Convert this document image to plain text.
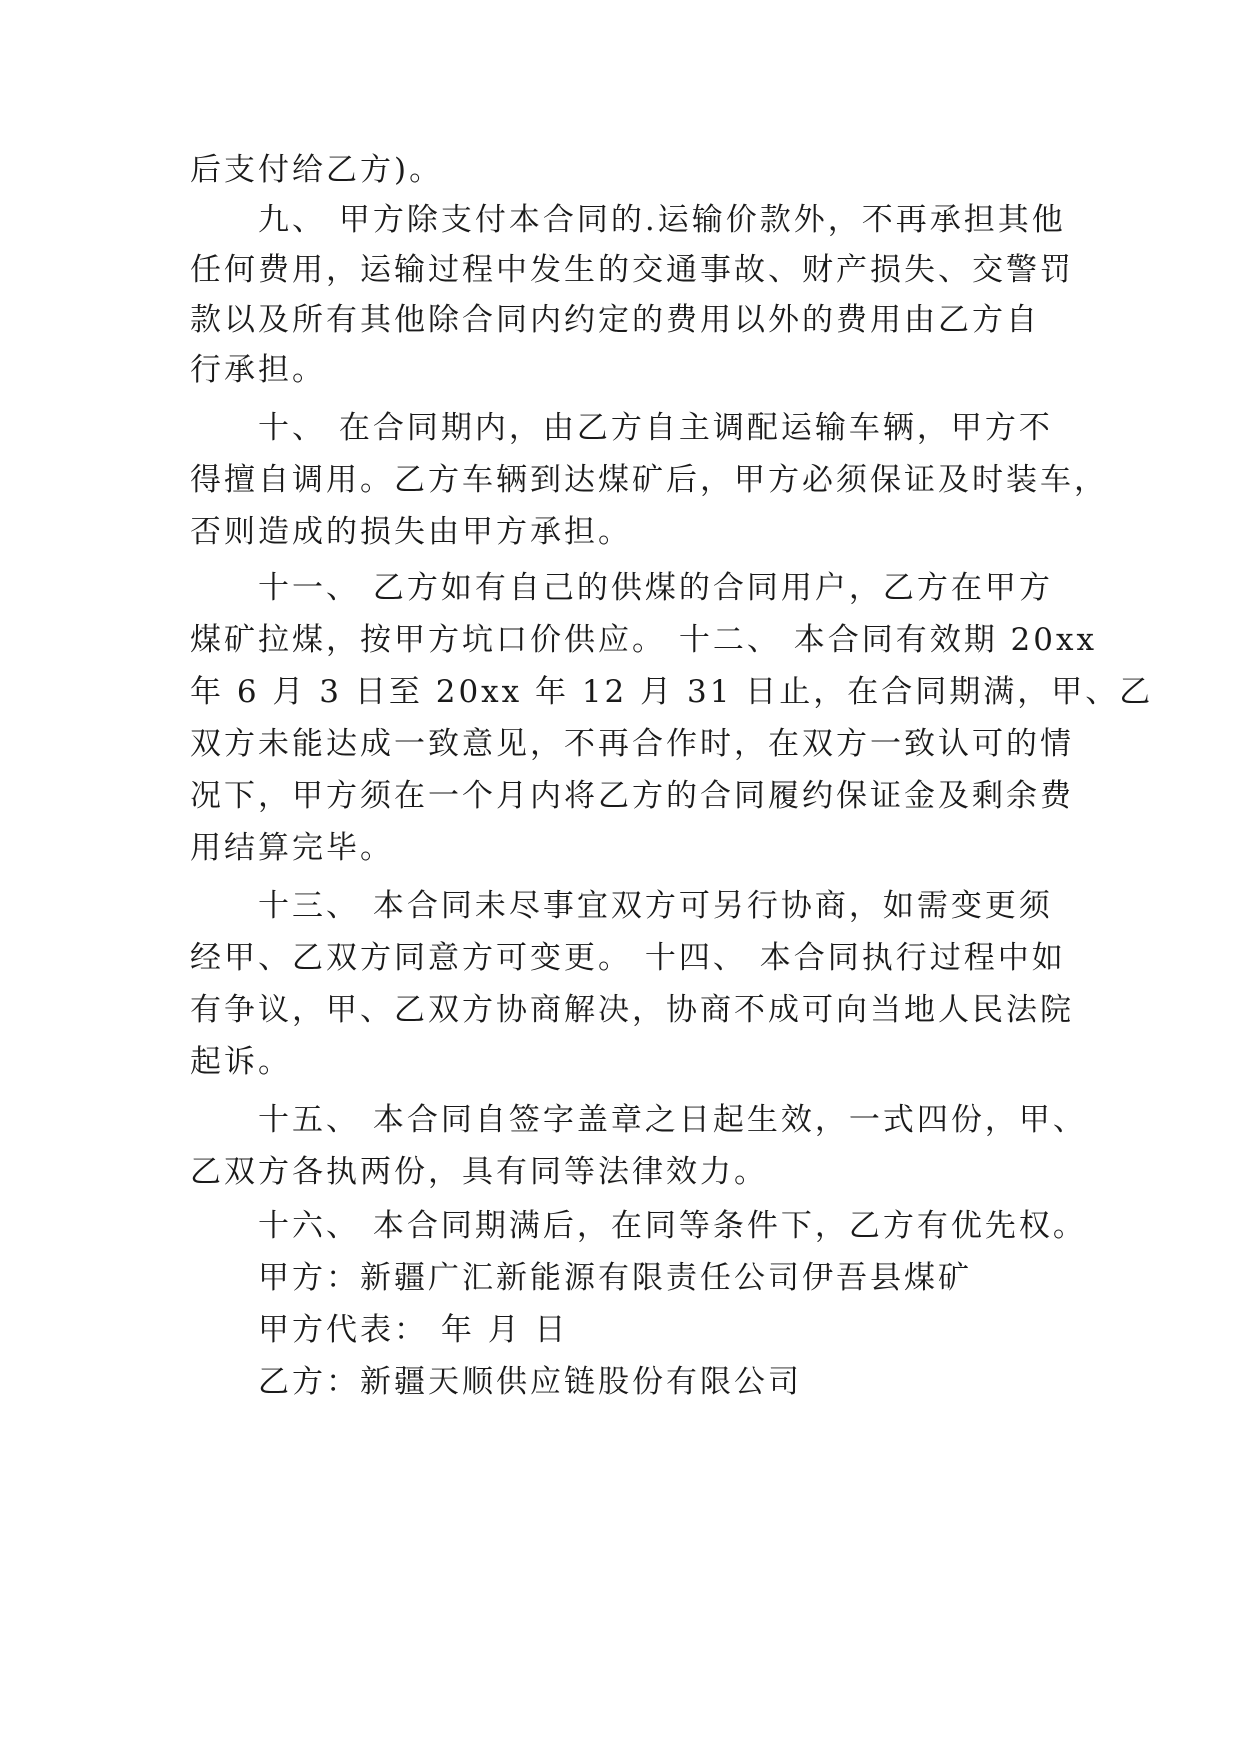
后支付给乙方)。
九、 甲方除支付本合同的.运输价款外，不再承担其他
任何费用，运输过程中发生的交通事故、财产损失、交警罚
款以及所有其他除合同内约定的费用以外的费用由乙方自
行承担。
十、 在合同期内，由乙方自主调配运输车辆，甲方不
得擅自调用。乙方车辆到达煤矿后，甲方必须保证及时装车，
否则造成的损失由甲方承担。
十一、 乙方如有自己的供煤的合同用户，乙方在甲方
煤矿拉煤，按甲方坑口价供应。 十二、 本合同有效期 20xx
年 6 月 3 日至 20xx 年 12 月 31 日止，在合同期满，甲、乙
双方未能达成一致意见，不再合作时，在双方一致认可的情
况下，甲方须在一个月内将乙方的合同履约保证金及剩余费
用结算完毕。
十三、 本合同未尽事宜双方可另行协商，如需变更须
经甲、乙双方同意方可变更。 十四、 本合同执行过程中如
有争议，甲、乙双方协商解决，协商不成可向当地人民法院
起诉。
十五、 本合同自签字盖章之日起生效，一式四份，甲、
乙双方各执两份，具有同等法律效力。
十六、 本合同期满后，在同等条件下，乙方有优先权。
甲方：新疆广汇新能源有限责任公司伊吾县煤矿
甲方代表： 年 月 日
乙方：新疆天顺供应链股份有限公司
